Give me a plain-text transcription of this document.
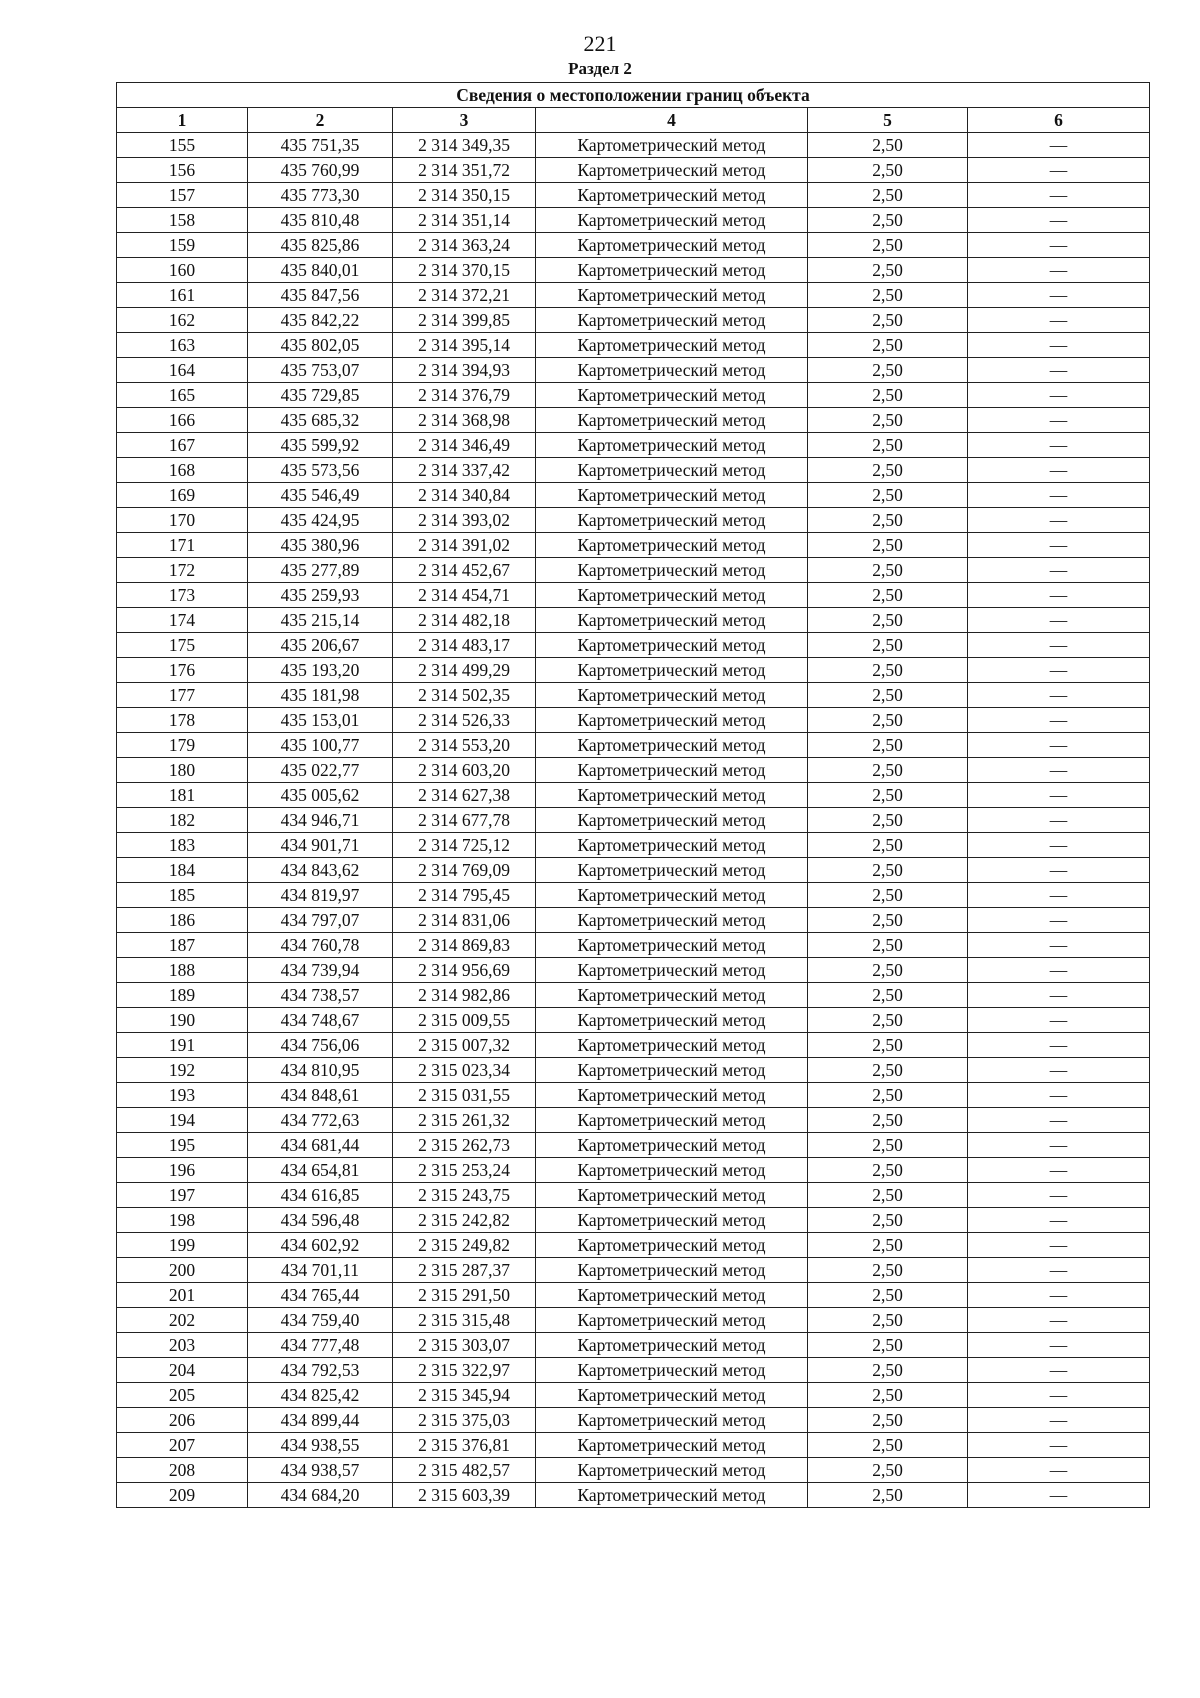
221
Раздел 2
Сведения о местоположении границ объекта					
1	2	3	4	5	6
155	435 751,35	2 314 349,35	Картометрический метод	2,50	—
156	435 760,99	2 314 351,72	Картометрический метод	2,50	—
157	435 773,30	2 314 350,15	Картометрический метод	2,50	—
158	435 810,48	2 314 351,14	Картометрический метод	2,50	—
159	435 825,86	2 314 363,24	Картометрический метод	2,50	—
160	435 840,01	2 314 370,15	Картометрический метод	2,50	—
161	435 847,56	2 314 372,21	Картометрический метод	2,50	—
162	435 842,22	2 314 399,85	Картометрический метод	2,50	—
163	435 802,05	2 314 395,14	Картометрический метод	2,50	—
164	435 753,07	2 314 394,93	Картометрический метод	2,50	—
165	435 729,85	2 314 376,79	Картометрический метод	2,50	—
166	435 685,32	2 314 368,98	Картометрический метод	2,50	—
167	435 599,92	2 314 346,49	Картометрический метод	2,50	—
168	435 573,56	2 314 337,42	Картометрический метод	2,50	—
169	435 546,49	2 314 340,84	Картометрический метод	2,50	—
170	435 424,95	2 314 393,02	Картометрический метод	2,50	—
171	435 380,96	2 314 391,02	Картометрический метод	2,50	—
172	435 277,89	2 314 452,67	Картометрический метод	2,50	—
173	435 259,93	2 314 454,71	Картометрический метод	2,50	—
174	435 215,14	2 314 482,18	Картометрический метод	2,50	—
175	435 206,67	2 314 483,17	Картометрический метод	2,50	—
176	435 193,20	2 314 499,29	Картометрический метод	2,50	—
177	435 181,98	2 314 502,35	Картометрический метод	2,50	—
178	435 153,01	2 314 526,33	Картометрический метод	2,50	—
179	435 100,77	2 314 553,20	Картометрический метод	2,50	—
180	435 022,77	2 314 603,20	Картометрический метод	2,50	—
181	435 005,62	2 314 627,38	Картометрический метод	2,50	—
182	434 946,71	2 314 677,78	Картометрический метод	2,50	—
183	434 901,71	2 314 725,12	Картометрический метод	2,50	—
184	434 843,62	2 314 769,09	Картометрический метод	2,50	—
185	434 819,97	2 314 795,45	Картометрический метод	2,50	—
186	434 797,07	2 314 831,06	Картометрический метод	2,50	—
187	434 760,78	2 314 869,83	Картометрический метод	2,50	—
188	434 739,94	2 314 956,69	Картометрический метод	2,50	—
189	434 738,57	2 314 982,86	Картометрический метод	2,50	—
190	434 748,67	2 315 009,55	Картометрический метод	2,50	—
191	434 756,06	2 315 007,32	Картометрический метод	2,50	—
192	434 810,95	2 315 023,34	Картометрический метод	2,50	—
193	434 848,61	2 315 031,55	Картометрический метод	2,50	—
194	434 772,63	2 315 261,32	Картометрический метод	2,50	—
195	434 681,44	2 315 262,73	Картометрический метод	2,50	—
196	434 654,81	2 315 253,24	Картометрический метод	2,50	—
197	434 616,85	2 315 243,75	Картометрический метод	2,50	—
198	434 596,48	2 315 242,82	Картометрический метод	2,50	—
199	434 602,92	2 315 249,82	Картометрический метод	2,50	—
200	434 701,11	2 315 287,37	Картометрический метод	2,50	—
201	434 765,44	2 315 291,50	Картометрический метод	2,50	—
202	434 759,40	2 315 315,48	Картометрический метод	2,50	—
203	434 777,48	2 315 303,07	Картометрический метод	2,50	—
204	434 792,53	2 315 322,97	Картометрический метод	2,50	—
205	434 825,42	2 315 345,94	Картометрический метод	2,50	—
206	434 899,44	2 315 375,03	Картометрический метод	2,50	—
207	434 938,55	2 315 376,81	Картометрический метод	2,50	—
208	434 938,57	2 315 482,57	Картометрический метод	2,50	—
209	434 684,20	2 315 603,39	Картометрический метод	2,50	—
